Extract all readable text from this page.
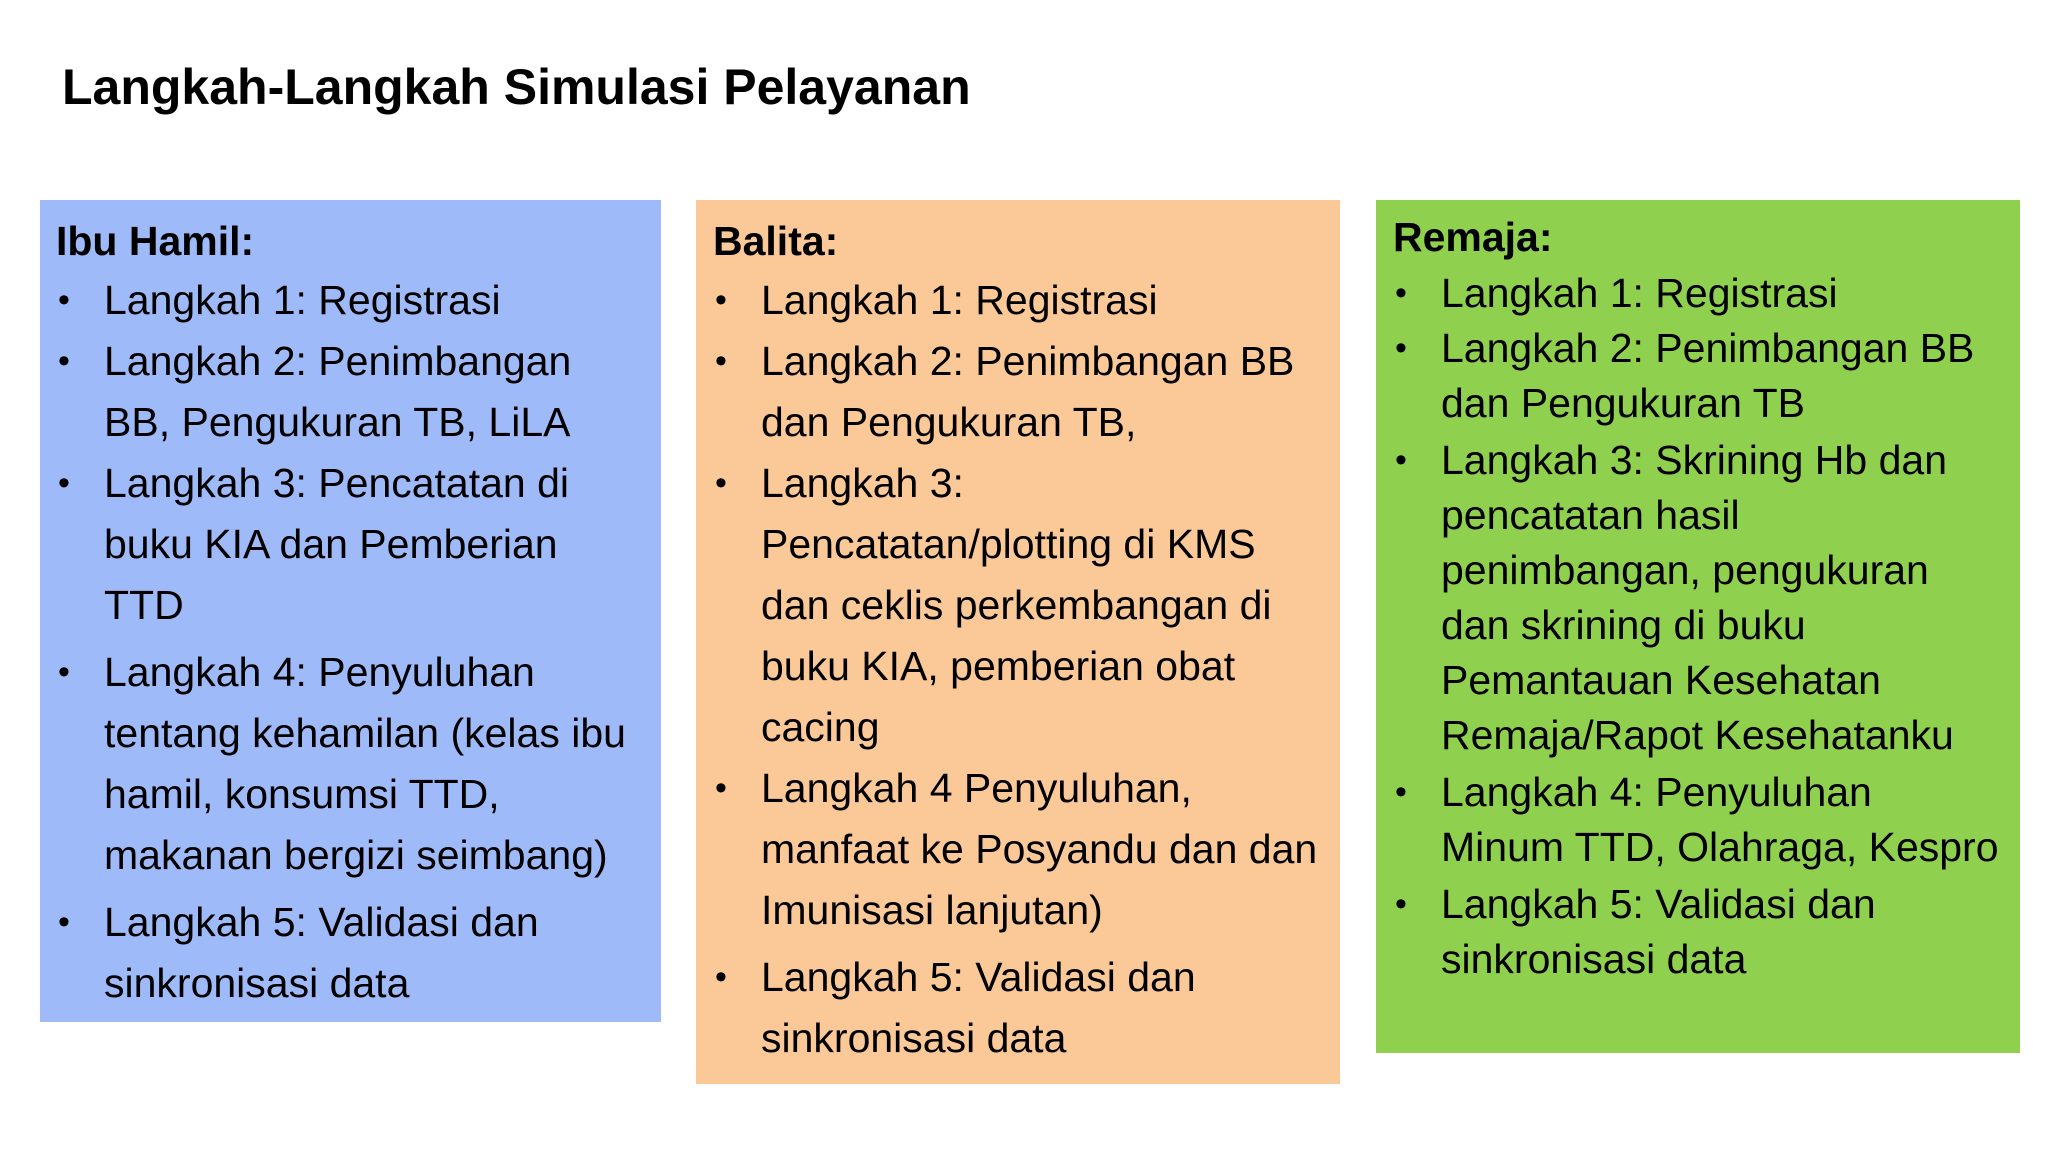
Langkah-Langkah Simulasi Pelayanan
Ibu Hamil:
• Langkah 1: Registrasi
• Langkah 2: Penimbangan BB, Pengukuran TB, LiLA
• Langkah 3: Pencatatan di buku KIA dan Pemberian TTD
• Langkah 4: Penyuluhan tentang kehamilan (kelas ibu hamil, konsumsi TTD, makanan bergizi seimbang)
• Langkah 5: Validasi dan sinkronisasi data
Balita:
• Langkah 1: Registrasi
• Langkah 2: Penimbangan BB dan Pengukuran TB,
• Langkah 3: Pencatatan/plotting di KMS dan ceklis perkembangan di buku KIA, pemberian obat cacing
• Langkah 4 Penyuluhan, manfaat ke Posyandu dan dan Imunisasi lanjutan)
• Langkah 5: Validasi dan sinkronisasi data
Remaja:
• Langkah 1: Registrasi
• Langkah 2: Penimbangan BB dan Pengukuran TB
• Langkah 3: Skrining Hb dan pencatatan hasil penimbangan, pengukuran dan skrining di buku Pemantauan Kesehatan Remaja/Rapot Kesehatanku
• Langkah 4: Penyuluhan Minum TTD, Olahraga, Kespro
• Langkah 5: Validasi dan sinkronisasi data
